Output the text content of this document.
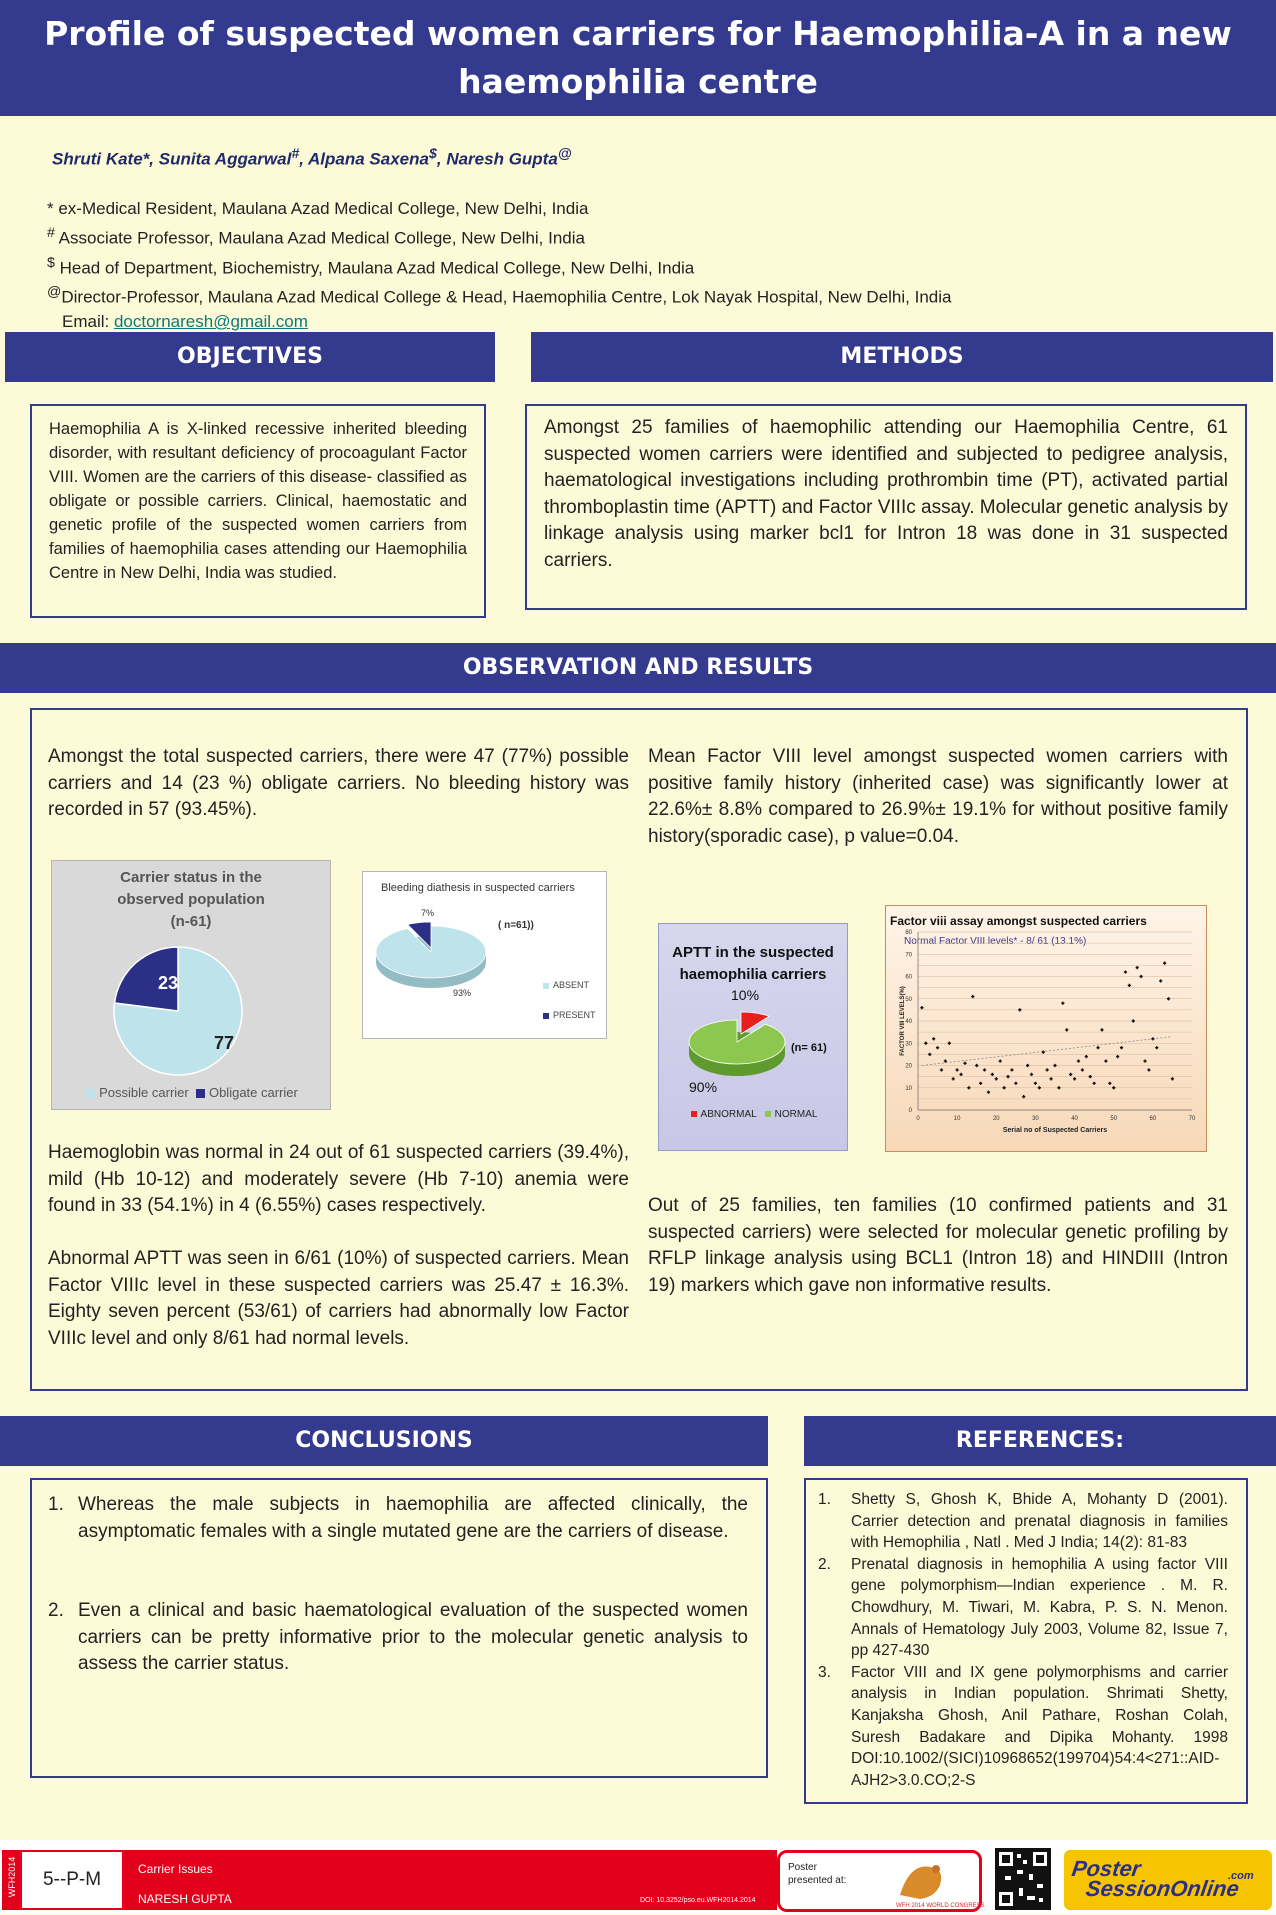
Profile of suspected women carriers for Haemophilia-A in a new
haemophilia centre
Shruti Kate*, Sunita Aggarwal#, Alpana Saxena$, Naresh Gupta@
* ex-Medical Resident, Maulana Azad Medical College, New Delhi, India
# Associate Professor, Maulana Azad Medical College, New Delhi, India
$ Head of Department, Biochemistry, Maulana Azad Medical College, New Delhi, India
@Director-Professor, Maulana Azad Medical College & Head, Haemophilia Centre, Lok Nayak Hospital, New Delhi, India
Email: doctornaresh@gmail.com
OBJECTIVES
Haemophilia A is X-linked recessive inherited bleeding disorder, with resultant deficiency of procoagulant Factor VIII. Women are the carriers of this disease- classified as obligate or possible carriers. Clinical, haemostatic and genetic profile of the suspected women carriers from families of haemophilia cases attending our Haemophilia Centre in New Delhi, India was studied.
METHODS
Amongst 25 families of haemophilic attending our Haemophilia Centre, 61 suspected women carriers were identified and subjected to pedigree analysis, haematological investigations including prothrombin time (PT), activated partial thromboplastin time (APTT) and Factor VIIIc assay. Molecular genetic analysis by linkage analysis using marker bcl1 for Intron 18 was done in 31 suspected carriers.
OBSERVATION AND RESULTS
Amongst the total suspected carriers, there were 47 (77%) possible carriers and 14 (23 %) obligate carriers. No bleeding history was recorded in 57 (93.45%).
Mean Factor VIII level amongst suspected women carriers with positive family history (inherited case) was significantly lower at 22.6%± 8.8% compared to 26.9%± 19.1% for without positive family history(sporadic case), p value=0.04.
Carrier status in the
observed population
(n-61)
77
23
Possible carrier Obligate carrier
Bleeding diathesis in suspected carriers
( n=61))
93%
7%
ABSENT
PRESENT
APTT in the suspected
haemophilia carriers
(n= 61)
10%
90%
ABNORMAL NORMAL
Factor viii assay amongst suspected carriers
Normal Factor VIII levels* - 8/ 61 (13.1%)
0
10
20
30
40
50
60
70
80
0	10	20	30	40	50	60	70
Serial no of Suspected Carriers
FACTOR VIII LEVELS(%)
Haemoglobin was normal in 24 out of 61 suspected carriers (39.4%), mild (Hb 10-12) and moderately severe (Hb 7-10) anemia were found in 33 (54.1%) in 4 (6.55%) cases respectively.
Abnormal APTT was seen in 6/61 (10%) of suspected carriers. Mean Factor VIIIc level in these suspected carriers was 25.47 ± 16.3%. Eighty seven percent (53/61) of carriers had abnormally low Factor VIIIc level and only 8/61 had normal levels.
Out of 25 families, ten families (10 confirmed patients and 31 suspected carriers) were selected for molecular genetic profiling by RFLP linkage analysis using BCL1 (Intron 18) and HINDIII (Intron 19) markers which gave non informative results.
CONCLUSIONS
1. Whereas the male subjects in haemophilia are affected clinically, the asymptomatic females with a single mutated gene are the carriers of disease.
2. Even a clinical and basic haematological evaluation of the suspected women carriers can be pretty informative prior to the molecular genetic analysis to assess the carrier status.
REFERENCES:
1.	Shetty S, Ghosh K, Bhide A, Mohanty D (2001). Carrier detection and prenatal diagnosis in families with Hemophilia , Natl . Med J India; 14(2): 81-83
2.	Prenatal diagnosis in hemophilia A using factor VIII gene polymorphism—Indian experience . M. R. Chowdhury, M. Tiwari, M. Kabra, P. S. N. Menon. Annals of Hematology July 2003, Volume 82, Issue 7, pp 427-430
3.	Factor VIII and IX gene polymorphisms and carrier analysis in Indian population. Shrimati Shetty, Kanjaksha Ghosh, Anil Pathare, Roshan Colah, Suresh Badakare and Dipika Mohanty. 1998 DOI:10.1002/(SICI)10968652(199704)54:4<271::AID-AJH2>3.0.CO;2-S
WFH2014	5--P-M	Carrier Issues
NARESH GUPTA	DOI: 10.3252/pso.eu.WFH2014.2014
Poster
presented at:
WFH 2014 WORLD CONGRESS
Poster
SessionOnline
.com
